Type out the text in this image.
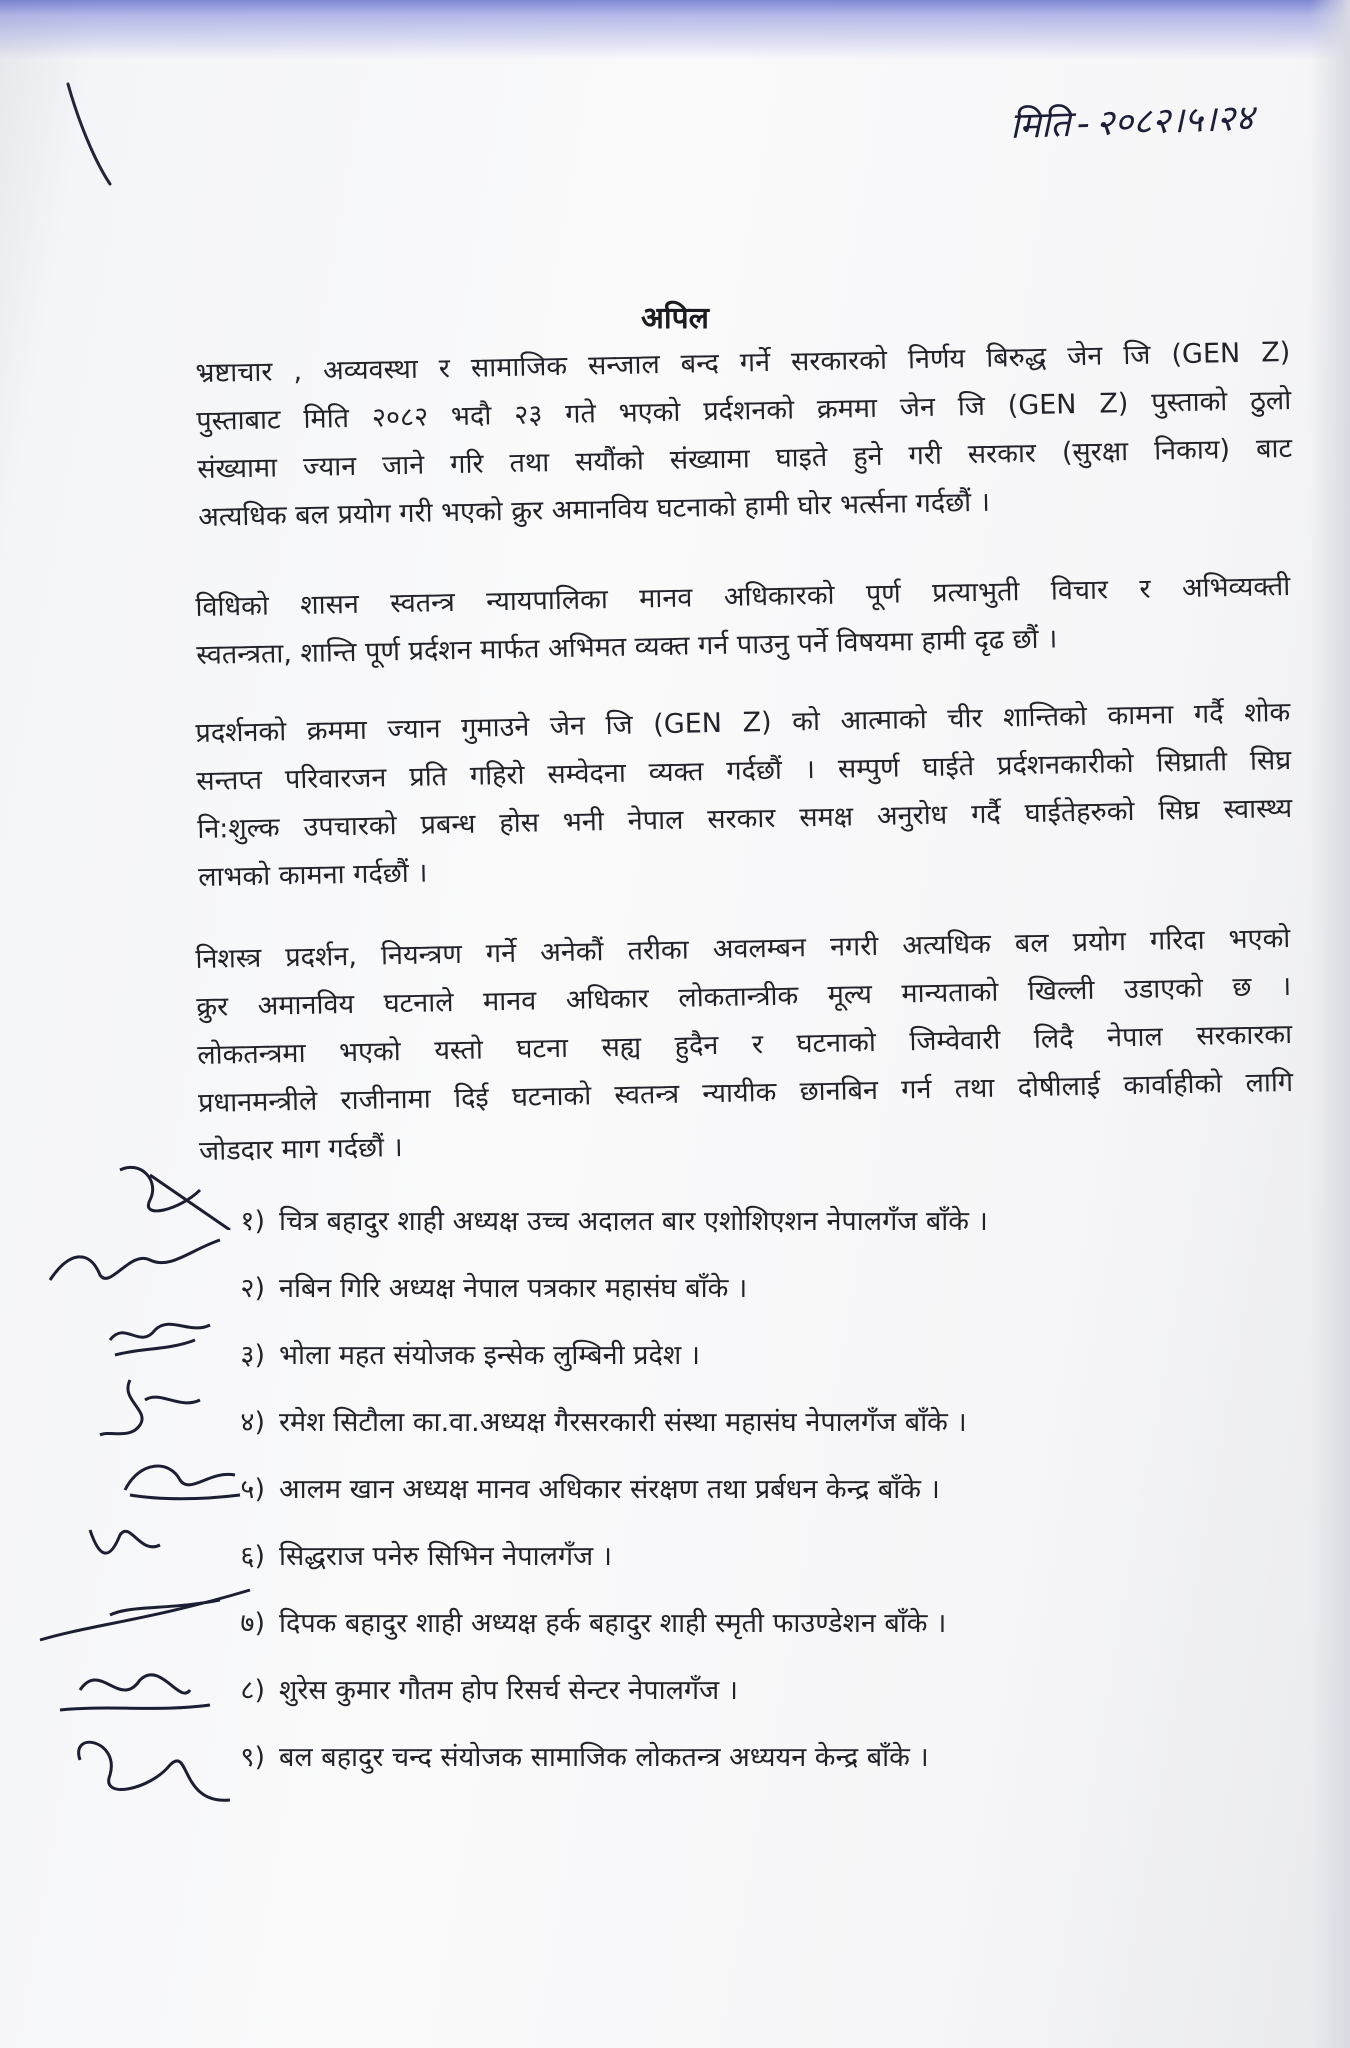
मिति - २०८२।५।२४
अपिल
भ्रष्टाचार , अव्यवस्था र सामाजिक सन्जाल बन्द गर्ने सरकारको निर्णय बिरुद्ध जेन जि (GEN Z)
पुस्ताबाट मिति २०८२ भदौ २३ गते भएको प्रर्दशनको क्रममा जेन जि (GEN Z) पुस्ताको ठुलो
संख्यामा ज्यान जाने गरि तथा सयौंको संख्यामा घाइते हुने गरी सरकार (सुरक्षा निकाय) बाट
अत्यधिक बल प्रयोग गरी भएको क्रुर अमानविय घटनाको हामी घोर भर्त्सना गर्दछौं ।
विधिको शासन स्वतन्त्र न्यायपालिका मानव अधिकारको पूर्ण प्रत्याभुती विचार र अभिव्यक्ती
स्वतन्त्रता, शान्ति पूर्ण प्रर्दशन मार्फत अभिमत व्यक्त गर्न पाउनु पर्ने विषयमा हामी दृढ छौं ।
प्रदर्शनको क्रममा ज्यान गुमाउने जेन जि (GEN Z) को आत्माको चीर शान्तिको कामना गर्दै शोक
सन्तप्त परिवारजन प्रति गहिरो सम्वेदना व्यक्त गर्दछौं । सम्पुर्ण घाईते प्रर्दशनकारीको सिघ्राती सिघ्र
नि:शुल्क उपचारको प्रबन्ध होस भनी नेपाल सरकार समक्ष अनुरोध गर्दै घाईतेहरुको सिघ्र स्वास्थ्य
लाभको कामना गर्दछौं ।
निशस्त्र प्रदर्शन, नियन्त्रण गर्ने अनेकौं तरीका अवलम्बन नगरी अत्यधिक बल प्रयोग गरिदा भएको
क्रुर अमानविय घटनाले मानव अधिकार लोकतान्त्रीक मूल्य मान्यताको खिल्ली उडाएको छ ।
लोकतन्त्रमा भएको यस्तो घटना सह्य हुदैन र घटनाको जिम्वेवारी लिदै नेपाल सरकारका
प्रधानमन्त्रीले राजीनामा दिई घटनाको स्वतन्त्र न्यायीक छानबिन गर्न तथा दोषीलाई कार्वाहीको लागि
जोडदार माग गर्दछौं ।
१) चित्र बहादुर शाही अध्यक्ष उच्च अदालत बार एशोशिएशन नेपालगँज बाँके ।
२) नबिन गिरि अध्यक्ष नेपाल पत्रकार महासंघ बाँके ।
३) भोला महत संयोजक इन्सेक लुम्बिनी प्रदेश ।
४) रमेश सिटौला का.वा.अध्यक्ष गैरसरकारी संस्था महासंघ नेपालगँज बाँके ।
५) आलम खान अध्यक्ष मानव अधिकार संरक्षण तथा प्रर्बधन केन्द्र बाँके ।
६) सिद्धराज पनेरु सिभिन नेपालगँज ।
७) दिपक बहादुर शाही अध्यक्ष हर्क बहादुर शाही स्मृती फाउण्डेशन बाँके ।
८) शुरेस कुमार गौतम होप रिसर्च सेन्टर नेपालगँज ।
९) बल बहादुर चन्द संयोजक सामाजिक लोकतन्त्र अध्ययन केन्द्र बाँके ।
